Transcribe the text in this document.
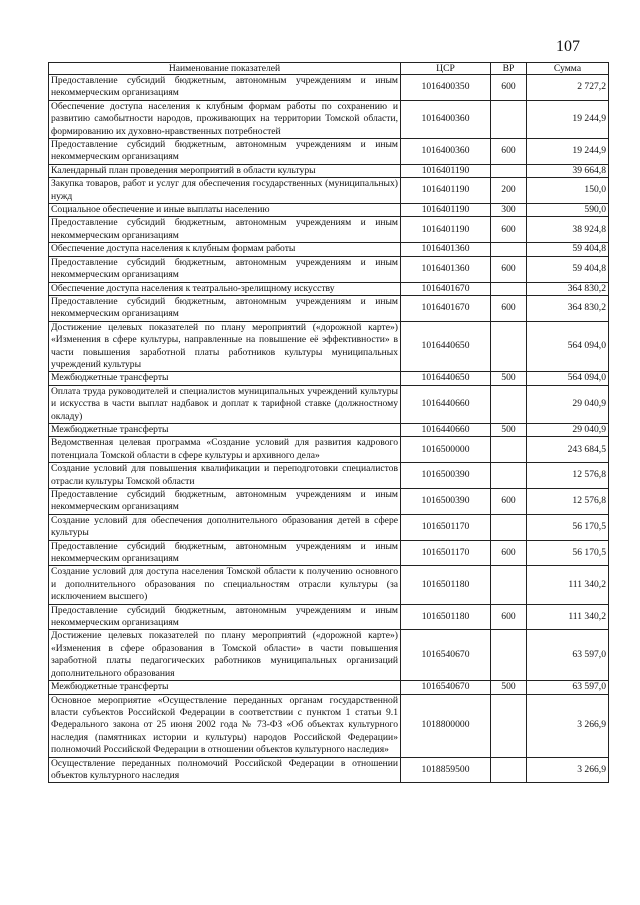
107
Наименование показателей	ЦСР	ВР	Сумма
Предоставление субсидий бюджетным, автономным учреждениям и иным некоммерческим организациям	1016400350	600	2 727,2
Обеспечение доступа населения к клубным формам работы по сохранению и развитию самобытности народов, проживающих на территории Томской области, формированию их духовно-нравственных потребностей	1016400360		19 244,9
Предоставление субсидий бюджетным, автономным учреждениям и иным некоммерческим организациям	1016400360	600	19 244,9
Календарный план проведения мероприятий в области культуры	1016401190		39 664,8
Закупка товаров, работ и услуг для обеспечения государственных (муниципальных) нужд	1016401190	200	150,0
Социальное обеспечение и иные выплаты населению	1016401190	300	590,0
Предоставление субсидий бюджетным, автономным учреждениям и иным некоммерческим организациям	1016401190	600	38 924,8
Обеспечение доступа населения к клубным формам работы	1016401360		59 404,8
Предоставление субсидий бюджетным, автономным учреждениям и иным некоммерческим организациям	1016401360	600	59 404,8
Обеспечение доступа населения к театрально-зрелищному искусству	1016401670		364 830,2
Предоставление субсидий бюджетным, автономным учреждениям и иным некоммерческим организациям	1016401670	600	364 830,2
Достижение целевых показателей по плану мероприятий («дорожной карте») «Изменения в сфере культуры, направленные на повышение её эффективности» в части повышения заработной платы работников культуры муниципальных учреждений культуры	1016440650		564 094,0
Межбюджетные трансферты	1016440650	500	564 094,0
Оплата труда руководителей и специалистов муниципальных учреждений культуры и искусства в части выплат надбавок и доплат к тарифной ставке (должностному окладу)	1016440660		29 040,9
Межбюджетные трансферты	1016440660	500	29 040,9
Ведомственная целевая программа «Создание условий для развития кадрового потенциала Томской области в сфере культуры и архивного дела»	1016500000		243 684,5
Создание условий для повышения квалификации и переподготовки специалистов отрасли культуры Томской области	1016500390		12 576,8
Предоставление субсидий бюджетным, автономным учреждениям и иным некоммерческим организациям	1016500390	600	12 576,8
Создание условий для обеспечения дополнительного образования детей в сфере культуры	1016501170		56 170,5
Предоставление субсидий бюджетным, автономным учреждениям и иным некоммерческим организациям	1016501170	600	56 170,5
Создание условий для доступа населения Томской области к получению основного и дополнительного образования по специальностям отрасли культуры (за исключением высшего)	1016501180		111 340,2
Предоставление субсидий бюджетным, автономным учреждениям и иным некоммерческим организациям	1016501180	600	111 340,2
Достижение целевых показателей по плану мероприятий («дорожной карте») «Изменения в сфере образования в Томской области» в части повышения заработной платы педагогических работников муниципальных организаций дополнительного образования	1016540670		63 597,0
Межбюджетные трансферты	1016540670	500	63 597,0
Основное мероприятие «Осуществление переданных органам государственной власти субъектов Российской Федерации в соответствии с пунктом 1 статьи 9.1 Федерального закона от 25 июня 2002 года № 73-ФЗ «Об объектах культурного наследия (памятниках истории и культуры) народов Российской Федерации» полномочий Российской Федерации в отношении объектов культурного наследия»	1018800000		3 266,9
Осуществление переданных полномочий Российской Федерации в отношении объектов культурного наследия	1018859500		3 266,9
